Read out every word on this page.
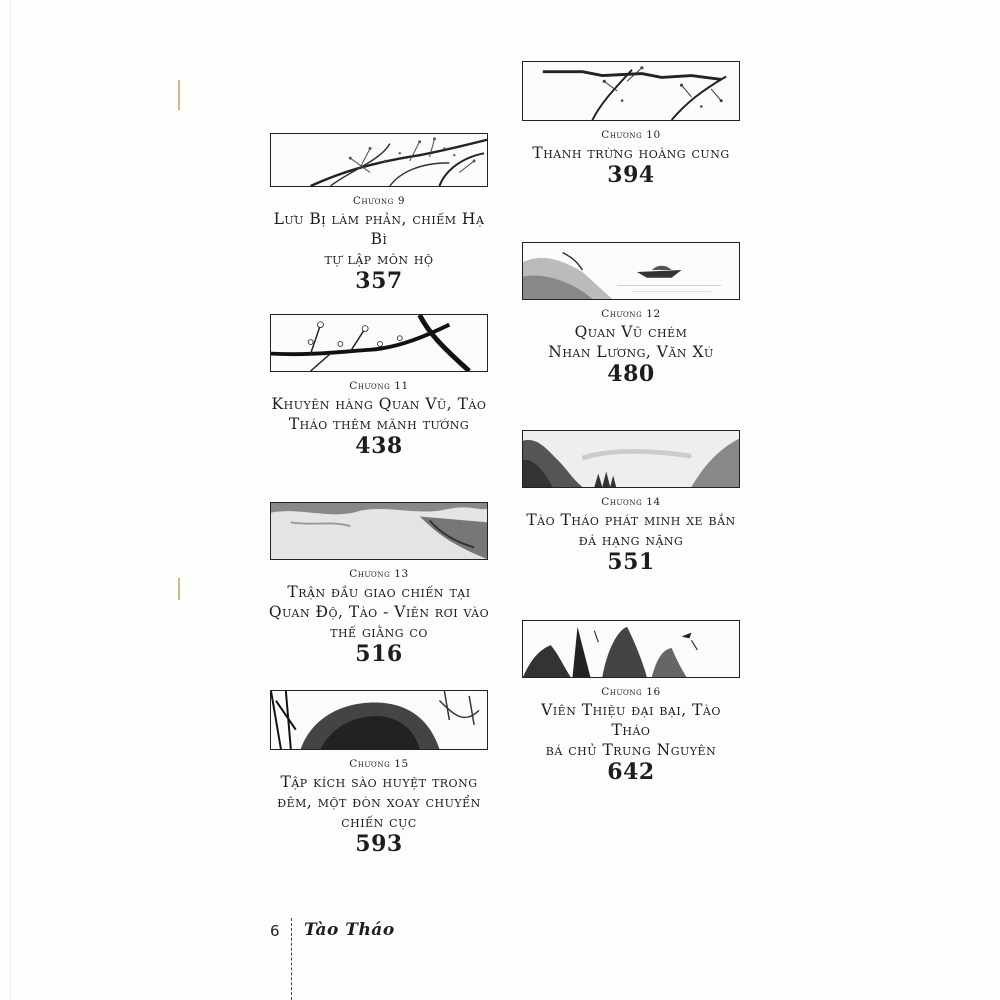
Chương 9
Lưu Bị làm phản, chiếm Hạ Bì
tự lập môn hộ
357
Chương 10
Thanh trừng hoàng cung
394
Chương 11
Khuyên hàng Quan Vũ, Tào
Tháo thêm mãnh tướng
438
Chương 12
Quan Vũ chém
Nhan Lương, Văn Xú
480
Chương 13
Trận đầu giao chiến tại
Quan Độ, Tào - Viên rơi vào
thế giằng co
516
Chương 14
Tào Tháo phát minh xe bắn
đá hạng nặng
551
Chương 15
Tập kích sào huyệt trong
đêm, một đòn xoay chuyển
chiến cục
593
Chương 16
Viên Thiệu đại bại, Tào Tháo
bá chủ Trung Nguyên
642
6 Tào Tháo
